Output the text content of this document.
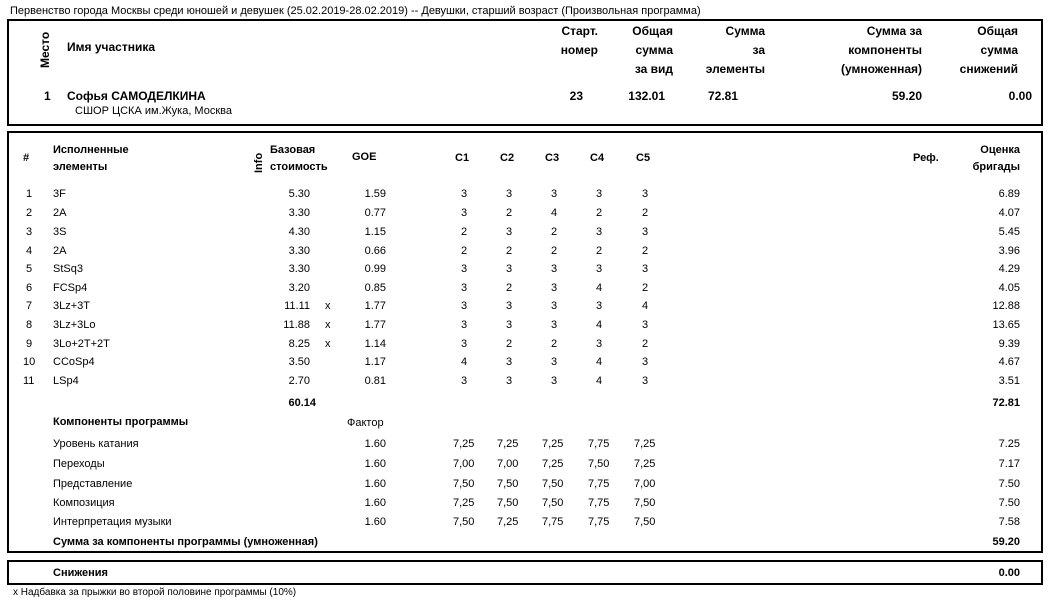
Первенство города Москвы среди юношей и девушек (25.02.2019-28.02.2019) -- Девушки, старший возраст (Произвольная программа)
Место Имя участника
Старт.
номер
Общая
сумма
за вид
Сумма
за
элементы
Сумма за
компоненты
(умноженная)
Общая
сумма
снижений
1 Софья САМОДЕЛКИНА
СШОР ЦСКА им.Жука, Москва
23	132.01	72.81	59.20	0.00
#
Исполненные
элементы	Info
Базовая
стоимость
GOE	C1	C2	C3	C4	C5	Реф.
Оценка
бригады
1 3F	5.30	1.59	3	3	3	3	3	6.89
2 2A	3.30	0.77	3	2	4	2	2	4.07
3 3S	4.30	1.15	2	3	2	3	3	5.45
4 2A	3.30	0.66	2	2	2	2	2	3.96
5 StSq3	3.30	0.99	3	3	3	3	3	4.29
6 FCSp4	3.20	0.85	3	2	3	4	2	4.05
7 3Lz+3T	11.11 x	1.77	3	3	3	3	4	12.88
8 3Lz+3Lo	11.88 x	1.77	3	3	3	4	3	13.65
9 3Lo+2T+2T	8.25 x	1.14	3	2	2	3	2	9.39
10 CCoSp4	3.50	1.17	4	3	3	4	3	4.67
11 LSp4	2.70	0.81	3	3	3	4	3	3.51
60.14	72.81
Компоненты программы	Фактор
Уровень катания	1.60	7,25 7,25 7,25 7,75 7,25	7.25
Переходы	1.60	7,00 7,00 7,25 7,50 7,25	7.17
Представление	1.60	7,50 7,50 7,50 7,75 7,00	7.50
Композиция	1.60	7,25 7,50 7,50 7,75 7,50	7.50
Интерпретация музыки	1.60	7,50 7,25 7,75 7,75 7,50	7.58
Сумма за компоненты программы (умноженная)	59.20
Снижения	0.00
x Надбавка за прыжки во второй половине программы (10%)
